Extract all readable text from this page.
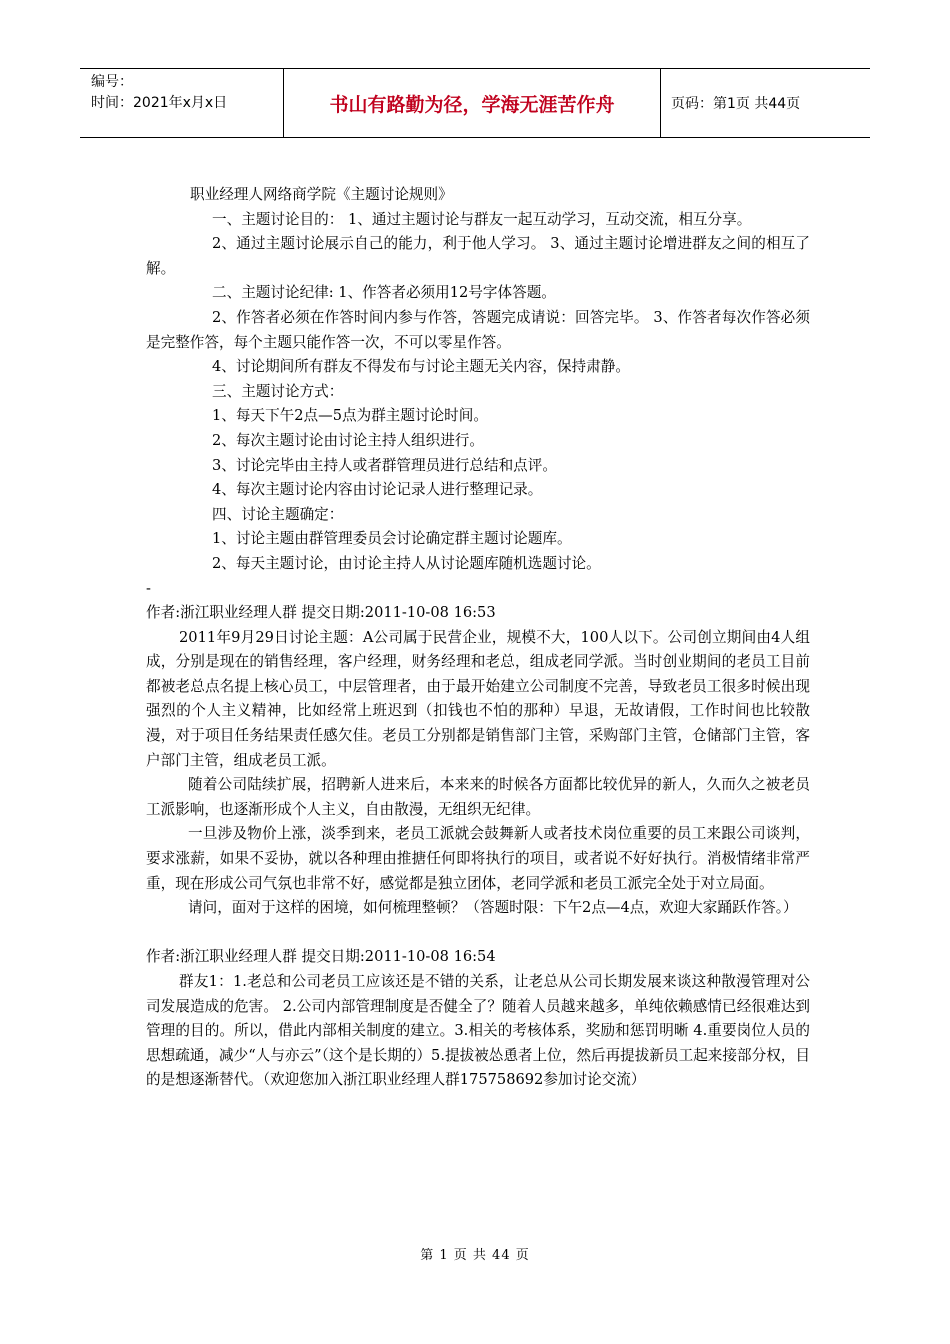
编号：
时间：2021年x月x日	书山有路勤为径，学海无涯苦作舟	页码：第1页 共44页

职业经理人网络商学院《主题讨论规则》

一、主题讨论目的： 1、通过主题讨论与群友一起互动学习，互动交流，相互分享。

2、通过主题讨论展示自己的能力，利于他人学习。 3、通过主题讨论增进群友之间的相互了解。

二、主题讨论纪律: 1、作答者必须用12号字体答题。

2、作答者必须在作答时间内参与作答，答题完成请说：回答完毕。 3、作答者每次作答必须是完整作答，每个主题只能作答一次，不可以零星作答。

4、讨论期间所有群友不得发布与讨论主题无关内容，保持肃静。

三、主题讨论方式：

1、每天下午2点—5点为群主题讨论时间。

2、每次主题讨论由讨论主持人组织进行。

3、讨论完毕由主持人或者群管理员进行总结和点评。

4、每次主题讨论内容由讨论记录人进行整理记录。

四、讨论主题确定：

1、讨论主题由群管理委员会讨论确定群主题讨论题库。

2、每天主题讨论，由讨论主持人从讨论题库随机选题讨论。

-

作者:浙江职业经理人群 提交日期:2011-10-08 16:53

2011年9月29日讨论主题：A公司属于民营企业，规模不大，100人以下。公司创立期间由4人组成，分别是现在的销售经理，客户经理，财务经理和老总，组成老同学派。当时创业期间的老员工目前都被老总点名提上核心员工，中层管理者，由于最开始建立公司制度不完善，导致老员工很多时候出现强烈的个人主义精神，比如经常上班迟到（扣钱也不怕的那种）早退，无故请假，工作时间也比较散漫，对于项目任务结果责任感欠佳。老员工分别都是销售部门主管，采购部门主管，仓储部门主管，客户部门主管，组成老员工派。

随着公司陆续扩展，招聘新人进来后，本来来的时候各方面都比较优异的新人，久而久之被老员工派影响，也逐渐形成个人主义，自由散漫，无组织无纪律。

一旦涉及物价上涨，淡季到来，老员工派就会鼓舞新人或者技术岗位重要的员工来跟公司谈判，要求涨薪，如果不妥协，就以各种理由推搪任何即将执行的项目，或者说不好好执行。消极情绪非常严重，现在形成公司气氛也非常不好，感觉都是独立团体，老同学派和老员工派完全处于对立局面。

请问，面对于这样的困境，如何梳理整顿？（答题时限：下午2点—4点，欢迎大家踊跃作答。）

作者:浙江职业经理人群 提交日期:2011-10-08 16:54

群友1：1.老总和公司老员工应该还是不错的关系，让老总从公司长期发展来谈这种散漫管理对公司发展造成的危害。 2.公司内部管理制度是否健全了？随着人员越来越多，单纯依赖感情已经很难达到管理的目的。所以，借此内部相关制度的建立。3.相关的考核体系，奖励和惩罚明晰 4.重要岗位人员的思想疏通，减少“人与亦云”（这个是长期的）5.提拔被怂恿者上位，然后再提拔新员工起来接部分权，目的是想逐渐替代。（欢迎您加入浙江职业经理人群175758692参加讨论交流）

第 1 页 共 44 页
